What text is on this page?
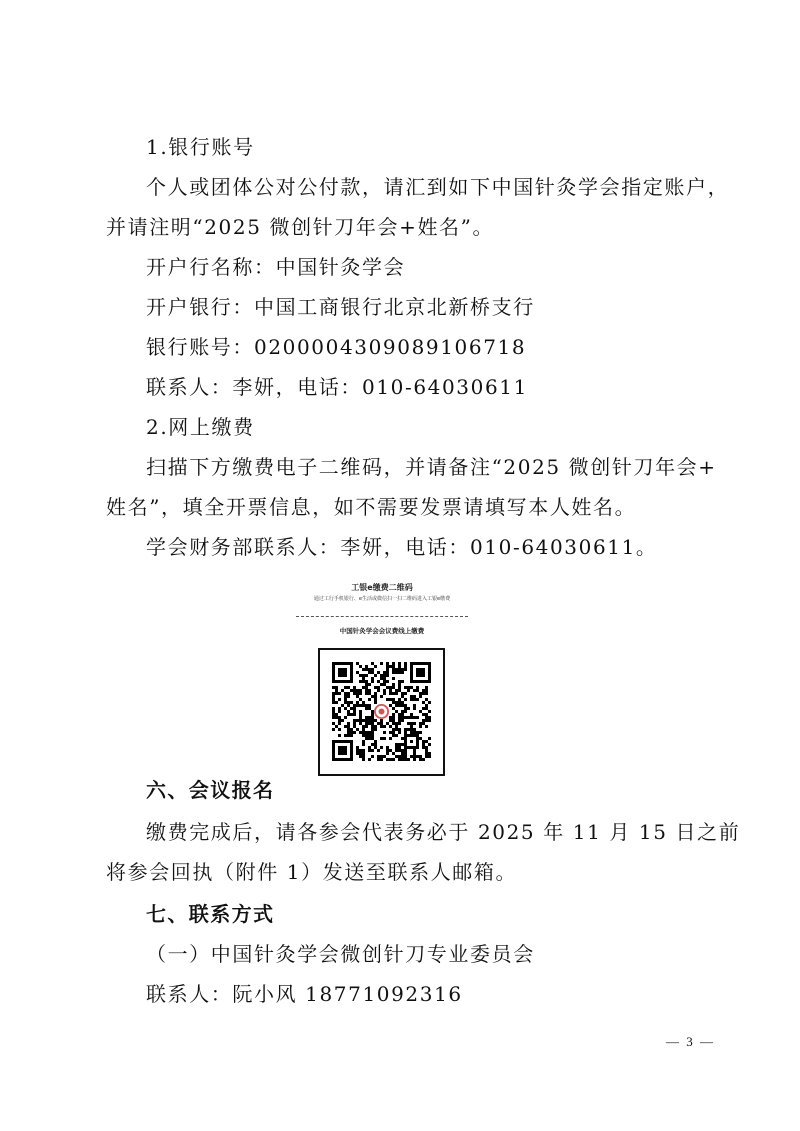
1.银行账号
个人或团体公对公付款，请汇到如下中国针灸学会指定账户，
并请注明“2025 微创针刀年会+姓名”。
开户行名称：中国针灸学会
开户银行：中国工商银行北京北新桥支行
银行账号：0200004309089106718
联系人：李妍，电话：010-64030611
2.网上缴费
扫描下方缴费电子二维码，并请备注“2025 微创针刀年会+
姓名”，填全开票信息，如不需要发票请填写本人姓名。
学会财务部联系人：李妍，电话：010-64030611。
工银e缴费二维码
通过工行手机银行、e生活或微信扫一扫二维码进入工银e缴费
中国针灸学会会议费线上缴费
六、会议报名
缴费完成后，请各参会代表务必于 2025 年 11 月 15 日之前
将参会回执（附件 1）发送至联系人邮箱。
七、联系方式
（一）中国针灸学会微创针刀专业委员会
联系人：阮小风 18771092316
— 3 —
